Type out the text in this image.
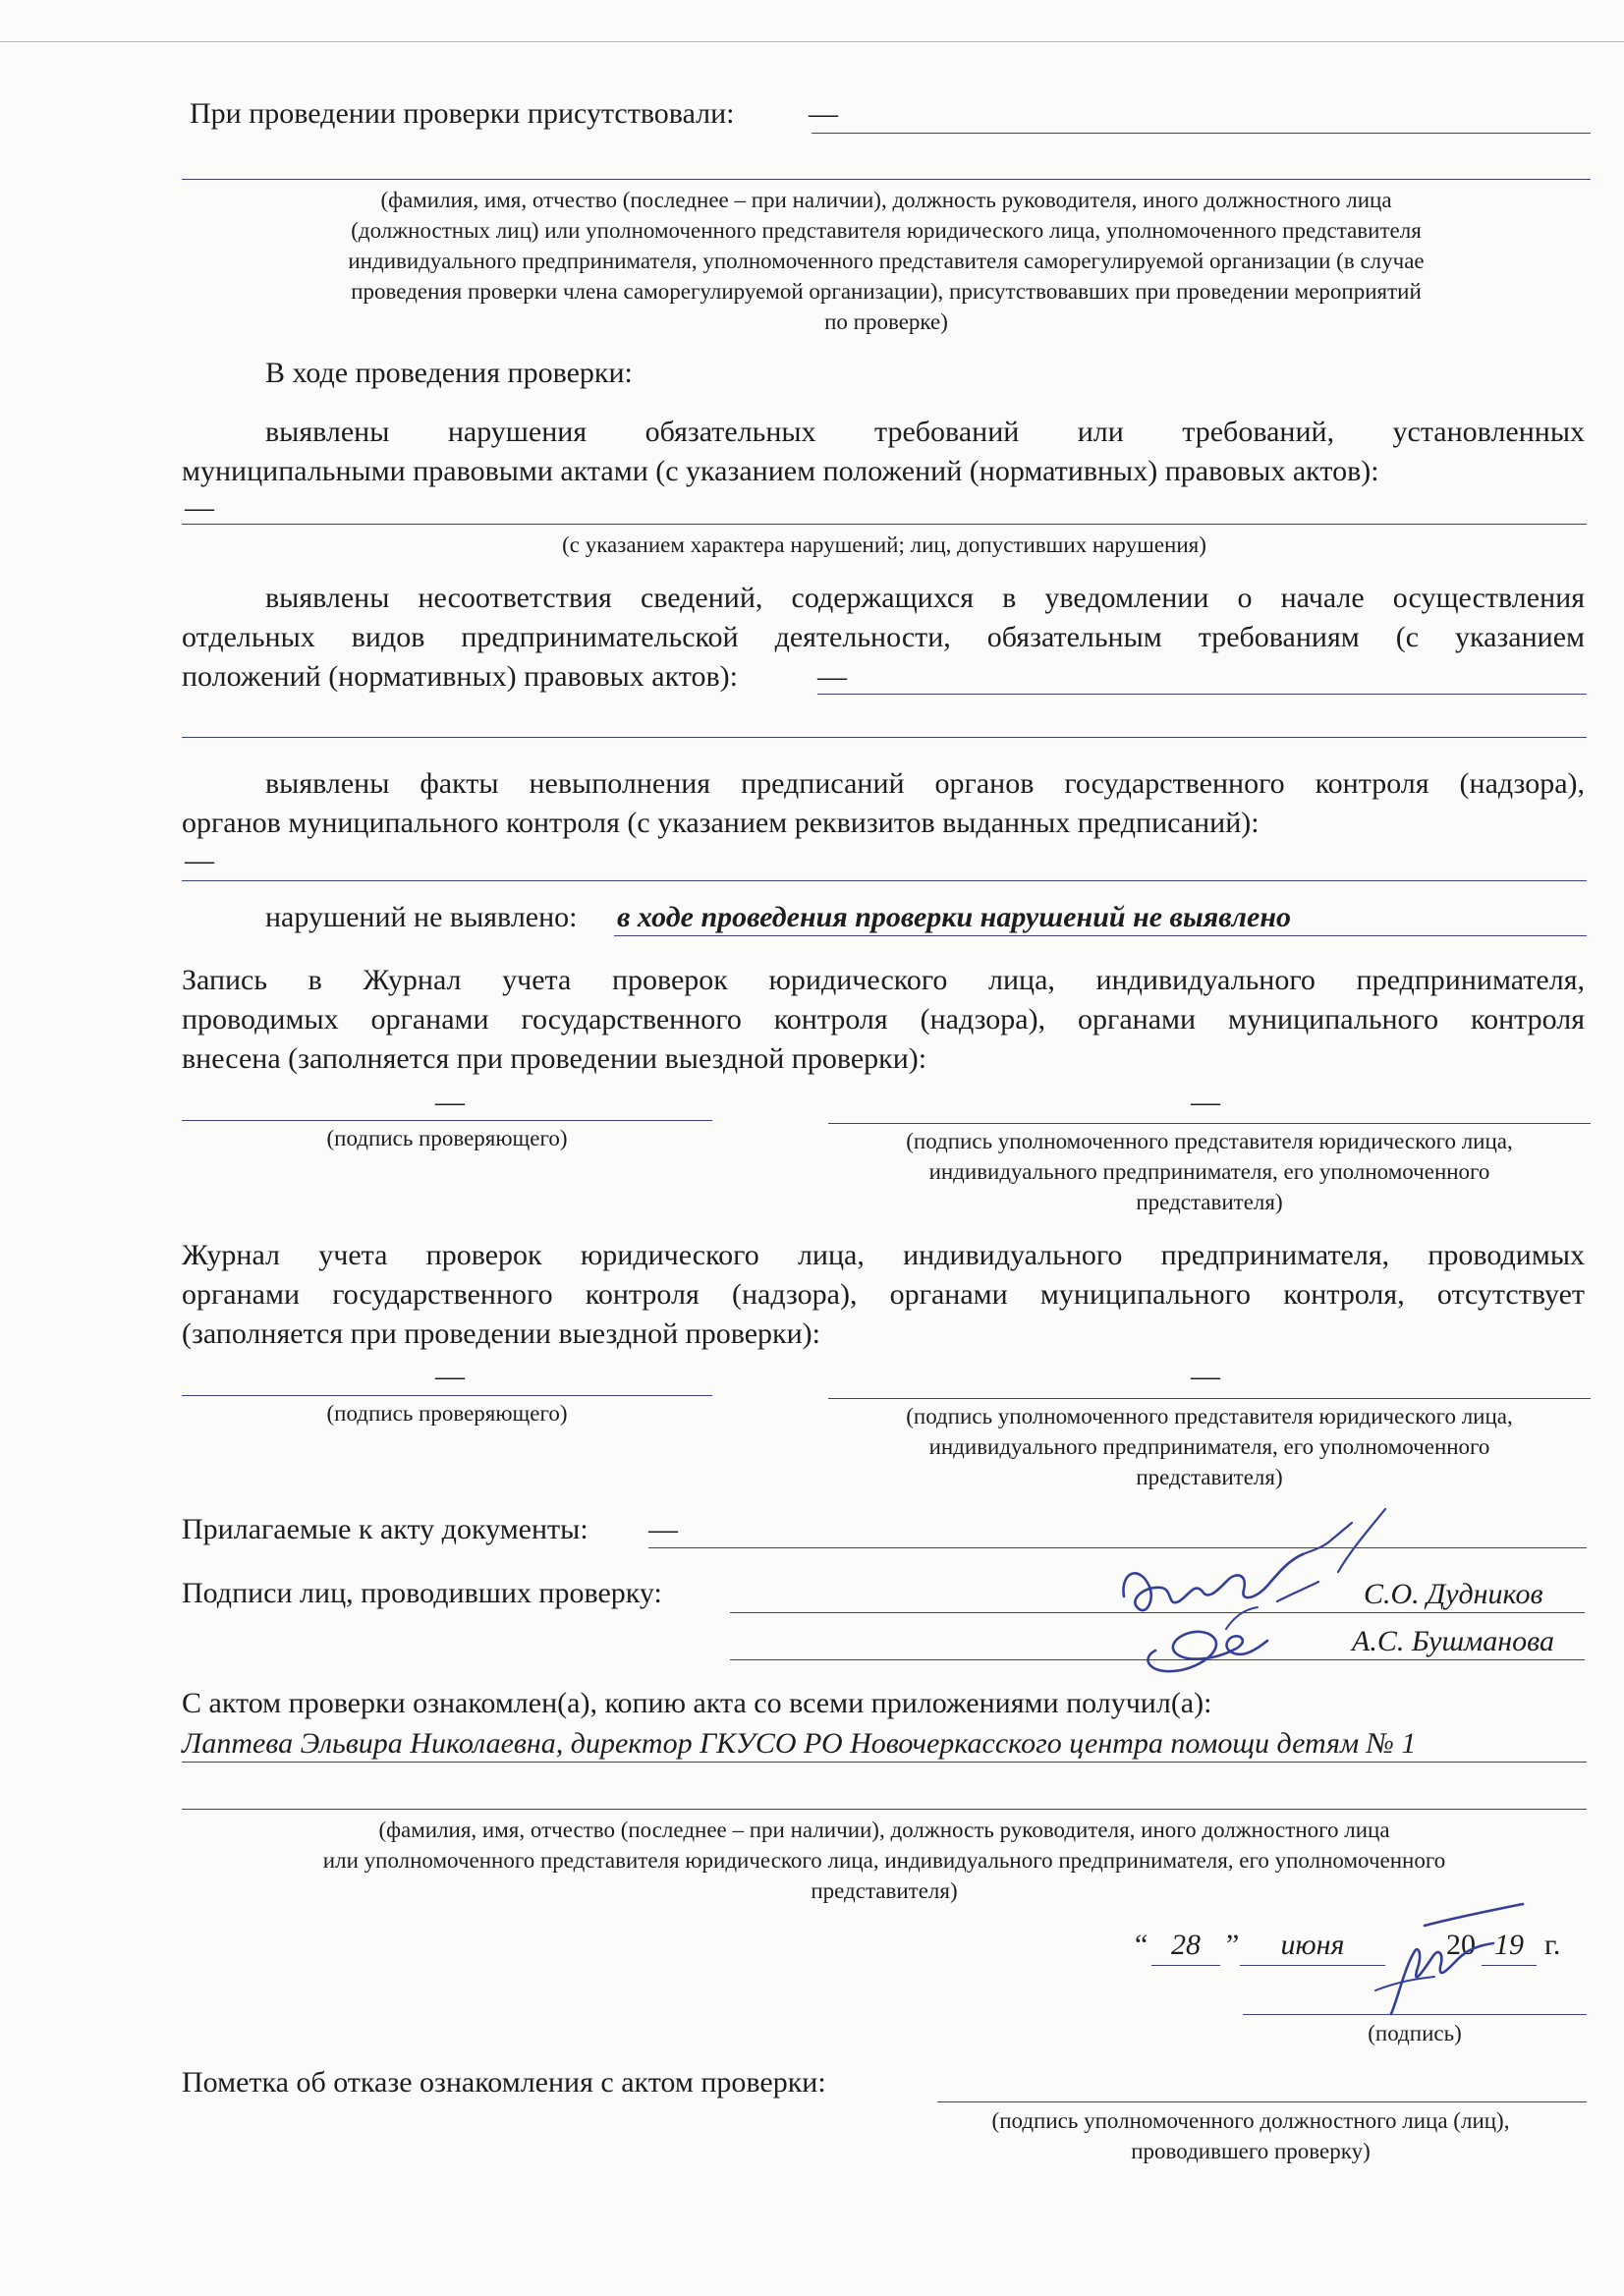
При проведении проверки присутствовали:	—
(фамилия, имя, отчество (последнее – при наличии), должность руководителя, иного должностного лица
(должностных лиц) или уполномоченного представителя юридического лица, уполномоченного представителя
индивидуального предпринимателя, уполномоченного представителя саморегулируемой организации (в случае
проведения проверки члена саморегулируемой организации), присутствовавших при проведении мероприятий
по проверке)
В ходе проведения проверки:
выявлены нарушения обязательных требований или требований, установленных
муниципальными правовыми актами (с указанием положений (нормативных) правовых актов):
—
(с указанием характера нарушений; лиц, допустивших нарушения)
выявлены несоответствия сведений, содержащихся в уведомлении о начале осуществления
отдельных видов предпринимательской деятельности, обязательным требованиям (с указанием
положений (нормативных) правовых актов):	—
выявлены факты невыполнения предписаний органов государственного контроля (надзора),
органов муниципального контроля (с указанием реквизитов выданных предписаний):
—
нарушений не выявлено: в ходе проведения проверки нарушений не выявлено
Запись в Журнал учета проверок юридического лица, индивидуального предпринимателя,
проводимых органами государственного контроля (надзора), органами муниципального контроля
внесена (заполняется при проведении выездной проверки):
—	—
(подпись проверяющего)	(подпись уполномоченного представителя юридического лица,
индивидуального предпринимателя, его уполномоченного
представителя)
Журнал учета проверок юридического лица, индивидуального предпринимателя, проводимых
органами государственного контроля (надзора), органами муниципального контроля, отсутствует
(заполняется при проведении выездной проверки):
—	—
(подпись проверяющего)	(подпись уполномоченного представителя юридического лица,
индивидуального предпринимателя, его уполномоченного
представителя)
Прилагаемые к акту документы: —
Подписи лиц, проводивших проверку:	С.О. Дудников
А.С. Бушманова
С актом проверки ознакомлен(а), копию акта со всеми приложениями получил(а):
Лаптева Эльвира Николаевна, директор ГКУСО РО Новочеркасского центра помощи детям № 1
(фамилия, имя, отчество (последнее – при наличии), должность руководителя, иного должностного лица
или уполномоченного представителя юридического лица, индивидуального предпринимателя, его уполномоченного
представителя)
“ 28 ”	июня	20 19 г.
(подпись)
Пометка об отказе ознакомления с актом проверки:
(подпись уполномоченного должностного лица (лиц),
проводившего проверку)
